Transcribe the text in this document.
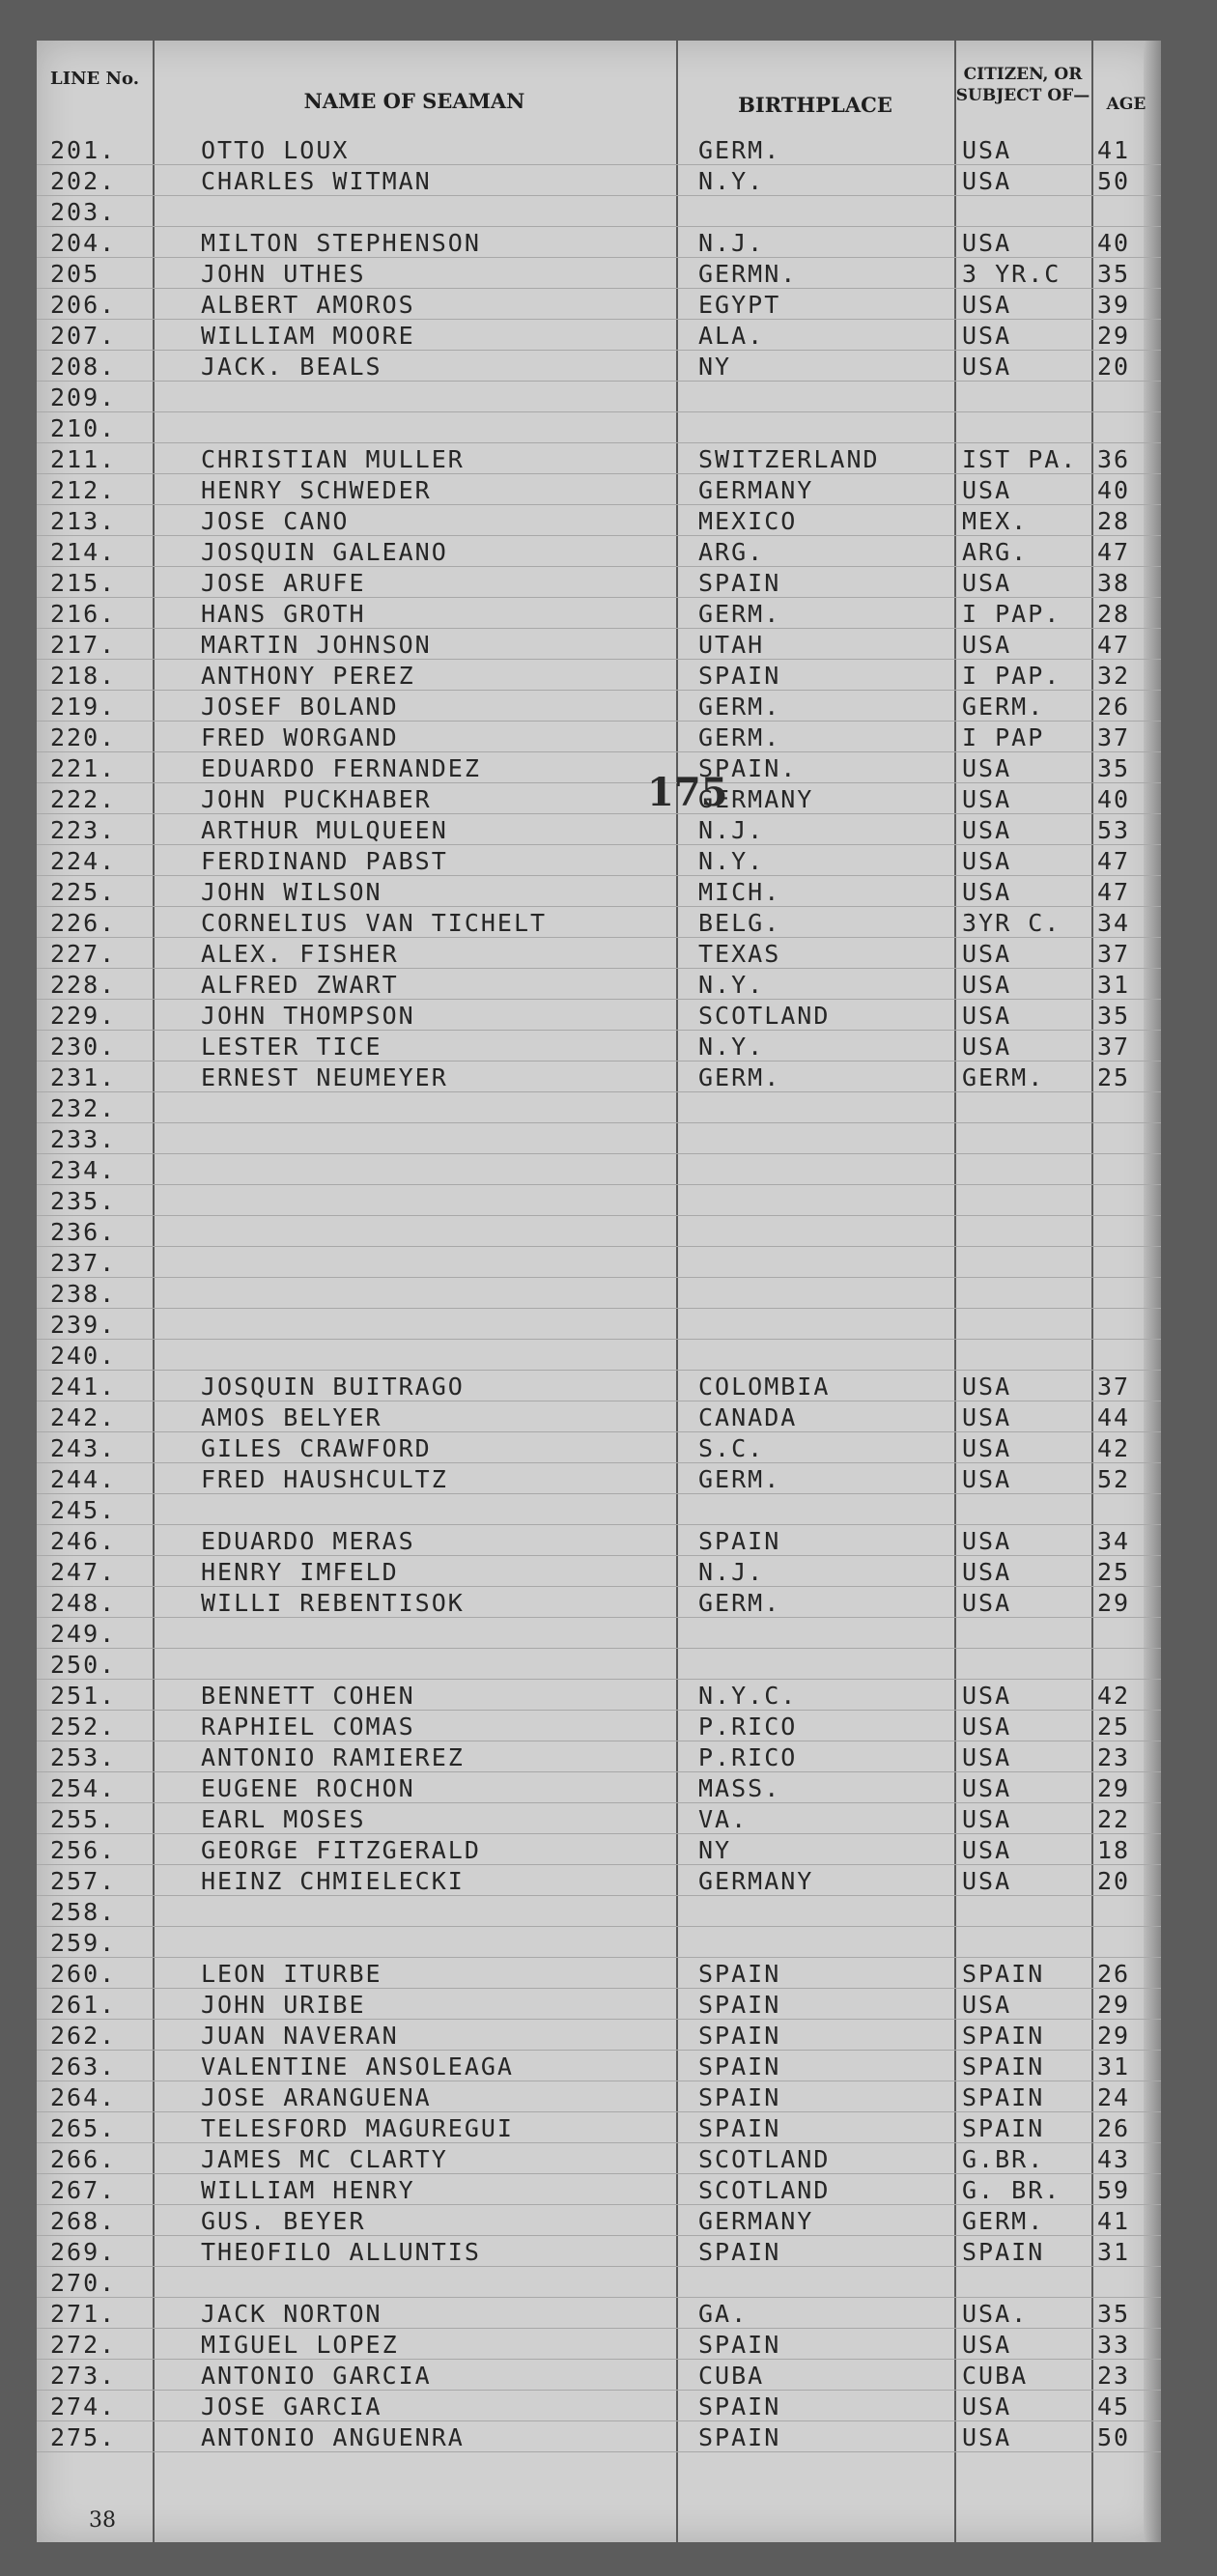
LINE No.
NAME OF SEAMAN	BIRTHPLACE
CITIZEN, OR SUBJECT OF—	AGE
201.	OTTO LOUX	GERM.	USA	41
202.	CHARLES WITMAN	N.Y.	USA	50
203.
204.	MILTON STEPHENSON	N.J.	USA	40
205	JOHN UTHES	GERMN.	3 YR.C 35
206.	ALBERT AMOROS	EGYPT	USA	39
207.	WILLIAM MOORE	ALA.	USA	29
208.	JACK. BEALS	NY	USA	20
209.
210.
211.	CHRISTIAN MULLER	SWITZERLAND	IST PA. 36
212.	HENRY SCHWEDER	GERMANY	USA	40
213.	JOSE CANO	MEXICO	MEX.	28
214.	JOSQUIN GALEANO	ARG.	ARG.	47
215.	JOSE ARUFE	SPAIN	USA	38
216.	HANS GROTH	GERM.	I PAP. 28
217.	MARTIN JOHNSON	UTAH	USA	47
218.	ANTHONY PEREZ	SPAIN	I PAP. 32
219.	JOSEF BOLAND	GERM.	GERM. 26
220.	FRED WORGAND	GERM.	I PAP 37
221.	EDUARDO FERNANDEZ	SPAIN.	USA	35
222.	JOHN PUCKHABER	GERMANY	USA	40
223.	ARTHUR MULQUEEN	N.J.	USA	53
224.	FERDINAND PABST	N.Y.	USA	47
225.	JOHN WILSON	MICH.	USA	47
226.	CORNELIUS VAN TICHELT	BELG.	3YR C. 34
227.	ALEX. FISHER	TEXAS	USA	37
228.	ALFRED ZWART	N.Y.	USA	31
229.	JOHN THOMPSON	SCOTLAND	USA	35
230.	LESTER TICE	N.Y.	USA	37
231.	ERNEST NEUMEYER	GERM.	GERM. 25
232.
233.
234.
235.
236.
237.
238.
239.
240.
241.	JOSQUIN BUITRAGO	COLOMBIA	USA	37
242.	AMOS BELYER	CANADA	USA	44
243.	GILES CRAWFORD	S.C.	USA	42
244.	FRED HAUSHCULTZ	GERM.	USA	52
245.
246.	EDUARDO MERAS	SPAIN	USA	34
247.	HENRY IMFELD	N.J.	USA	25
248.	WILLI REBENTISOK	GERM.	USA	29
249.
250.
251.	BENNETT COHEN	N.Y.C.	USA	42
252.	RAPHIEL COMAS	P.RICO	USA	25
253.	ANTONIO RAMIEREZ	P.RICO	USA	23
254.	EUGENE ROCHON	MASS.	USA	29
255.	EARL MOSES	VA.	USA	22
256.	GEORGE FITZGERALD	NY	USA	18
257.	HEINZ CHMIELECKI	GERMANY	USA	20
258.
259.
260.	LEON ITURBE	SPAIN	SPAIN 26
261.	JOHN URIBE	SPAIN	USA	29
262.	JUAN NAVERAN	SPAIN	SPAIN 29
263.	VALENTINE ANSOLEAGA	SPAIN	SPAIN 31
264.	JOSE ARANGUENA	SPAIN	SPAIN 24
265.	TELESFORD MAGUREGUI	SPAIN	SPAIN 26
266.	JAMES MC CLARTY	SCOTLAND	G.BR. 43
267.	WILLIAM HENRY	SCOTLAND	G. BR. 59
268.	GUS. BEYER	GERMANY	GERM. 41
269.	THEOFILO ALLUNTIS	SPAIN	SPAIN 31
270.
271.	JACK NORTON	GA.	USA.	35
272.	MIGUEL LOPEZ	SPAIN	USA	33
273.	ANTONIO GARCIA	CUBA	CUBA	23
274.	JOSE GARCIA	SPAIN	USA	45
275.	ANTONIO ANGUENRA	SPAIN	USA	50
175
38
